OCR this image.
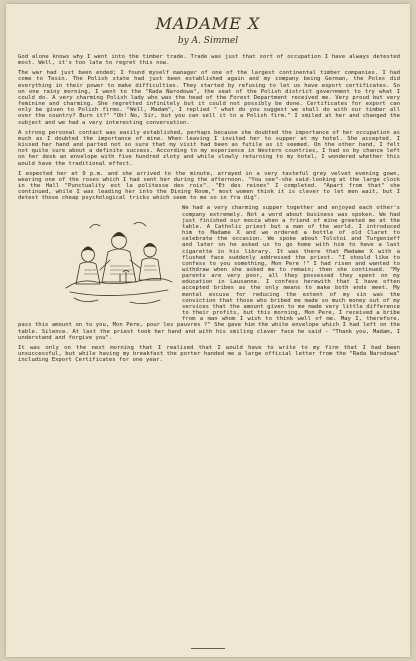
MADAME X
by A. Simmel

God alone knows why I went into the timber trade. Trade was just that sort of occupation I have always detested most. Well, it's too late to regret this now.

The war had just been ended; I found myself manager of one of the largest continental timber companies. I had come to Tesin. The Polish state had just been established again and my company being German, the Poles did everything in their power to make difficulties. They started by refusing to let us have export certificates. So on one rainy morning, I went to the "Rada Narodowa", the seat of the Polish district government to try what I could do. A very charming Polish lady who was the head of the Forest Department received me. Very proud but very feminine and charming. She regretted infinitely but it could not possibly be done. Certificates for export can only be given to Polish firms. "Well, Madam", I replied " what do you suggest we shall do with our timber all over the country? Burn it?" "Oh! No, Sir, but you can sell it to a Polish firm." I smiled at her and changed the subject and we had a very interesting conversation.

A strong personal contact was easily established, perhaps because she doubted the importance of her occupation as much as I doubted the importance of mine. When leaving I invited her to supper at my hotel. She accepted. I kissed her hand and parted not so sure that my visit had been as futile as it seemed. On the other hand, I felt not quite sure about a definite success. According to my experience in Western countries, I had so by chance left on her desk an envelope with five hundred zloty and while slowly returning to my hotel, I wondered whether this would have the traditional effect.

I expected her at 9 p.m. and she arrived to the minute, arrayed in a very tasteful grey velvet evening gown, wearing one of the roses which I had sent her during the afternoon. "You see"-she said-looking at the large clock in the Hall "Punctuality est la politesse des rois". "Et des reines" I completed. "Apart from that" she continued, while I was leading her into the Dining Room," most women think it is clever to let men wait, but I detest those cheap psychological tricks which seem to me so in fra dig".

We had a very charming supper together and enjoyed each other's company extremely. Not a word about business was spoken. We had just finished our mocca when a friend of mine greeted me at the table. A Catholic priest but a man of the world. I introduced him to Madame X and we ordered a bottle of old Claret to celebrate the occasion. We spoke about Tolstoi and Turgenieff and later on he asked us to go home with him to have a last cigarette in his library. It was there that Madame X with a flushed face suddenly addressed the priest. "I should like to confess to you something, Mon Pere !" I had risen and wanted to withdraw when she asked me to remain; then she continued. "My parents are very poor, all they possessed they spent on my education in Lausanne. I confess herewith that I have often accepted bribes as the only means to make both ends meet. My mental excuse for reducing the extent of my sin was the conviction that those who bribed me made so much money out of my services that the amount given to me made very little difference to their profits, but this morning, Mon Pere, I received a bribe from a man whom I wish to think well of me. May I, therefore, pass this amount on to you, Mon Pere, pour les pauvres ?" She gave him the white envelope which I had left on the table. Silence. At last the priest took her hand and with his smiling clever face he said - "Thank you, Madam, I understand and forgive you".

It was only on the next morning that I realised that I would have to write to my firm that I had been unsuccessful, but while having my breakfast the porter handed me a large official letter from the "Rada Narodowa" including Export Certificates for one year.
